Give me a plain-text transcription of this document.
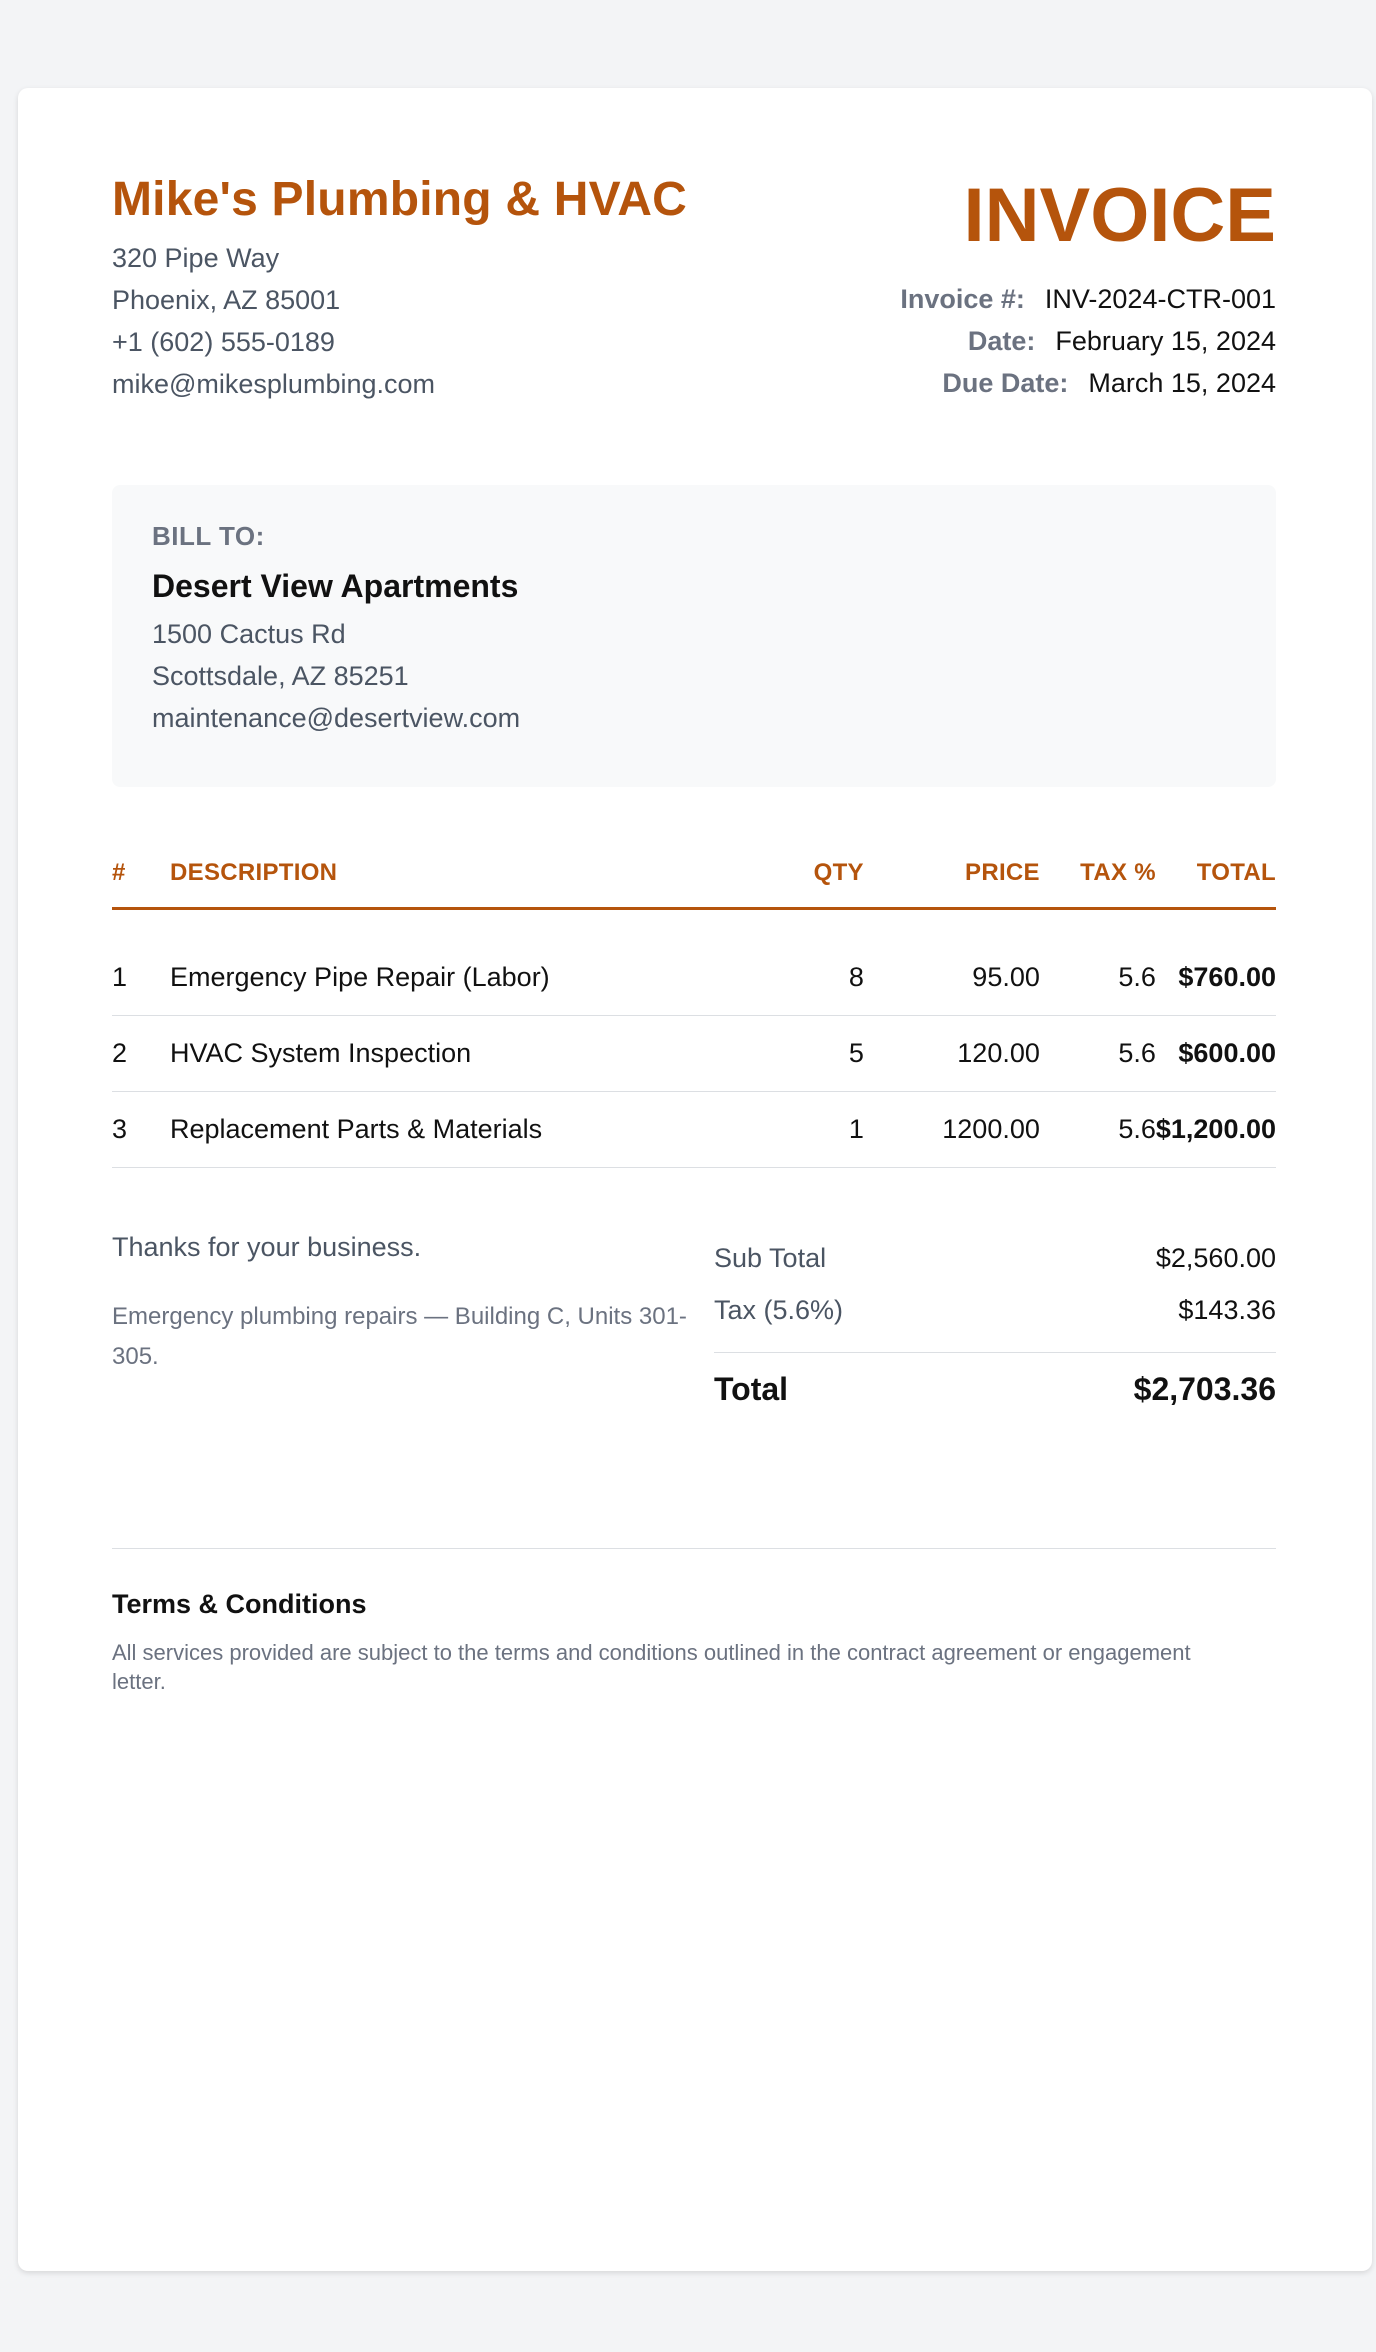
Mike's Plumbing & HVAC
320 Pipe Way
Phoenix, AZ 85001
+1 (602) 555-0189
mike@mikesplumbing.com
INVOICE
Invoice #: INV-2024-CTR-001
Date: February 15, 2024
Due Date: March 15, 2024
BILL TO:
Desert View Apartments
1500 Cactus Rd
Scottsdale, AZ 85251
maintenance@desertview.com
#	DESCRIPTION	QTY	PRICE	TAX %	TOTAL
1	Emergency Pipe Repair (Labor)	8	95.00	5.6	$760.00
2	HVAC System Inspection	5	120.00	5.6	$600.00
3	Replacement Parts & Materials	1	1200.00	5.6	$1,200.00
Thanks for your business.
Emergency plumbing repairs — Building C, Units 301-305.
Sub Total	$2,560.00
Tax (5.6%)	$143.36
Total	$2,703.36
Terms & Conditions
All services provided are subject to the terms and conditions outlined in the contract agreement or engagement letter.
